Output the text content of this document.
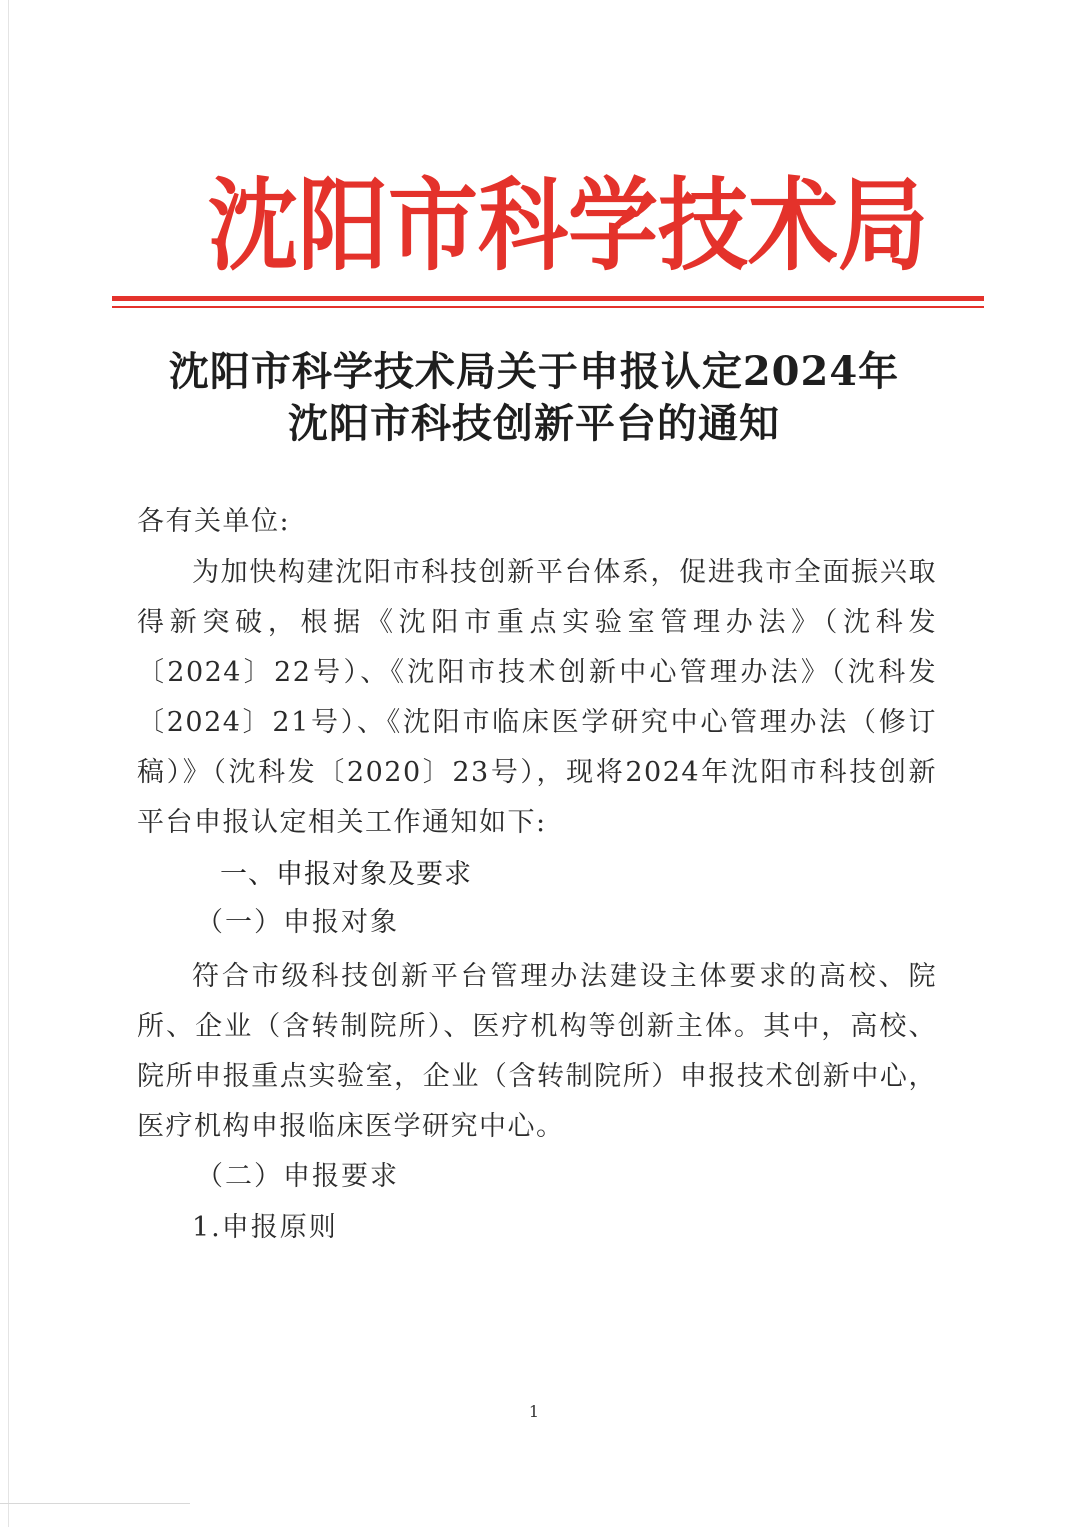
沈 阳 市 科 学 技 术 局
沈阳市科学技术局关于申报认定2024年
沈阳市科技创新平台的通知
各有关单位:
为加快构建沈阳市科技创新平台体系，促进我市全面振兴取得新突破，根据《沈阳市重点实验室管理办法》（沈科发〔2024〕22号）、《沈阳市技术创新中心管理办法》（沈科发〔2024〕21号）、《沈阳市临床医学研究中心管理办法（修订稿）》（沈科发〔2020〕23号），现将2024年沈阳市科技创新平台申报认定相关工作通知如下:
一、申报对象及要求
（一）申报对象
符合市级科技创新平台管理办法建设主体要求的高校、院所、企业（含转制院所）、医疗机构等创新主体。其中，高校、院所申报重点实验室，企业（含转制院所）申报技术创新中心，医疗机构申报临床医学研究中心。
（二）申报要求
1.申报原则
1
